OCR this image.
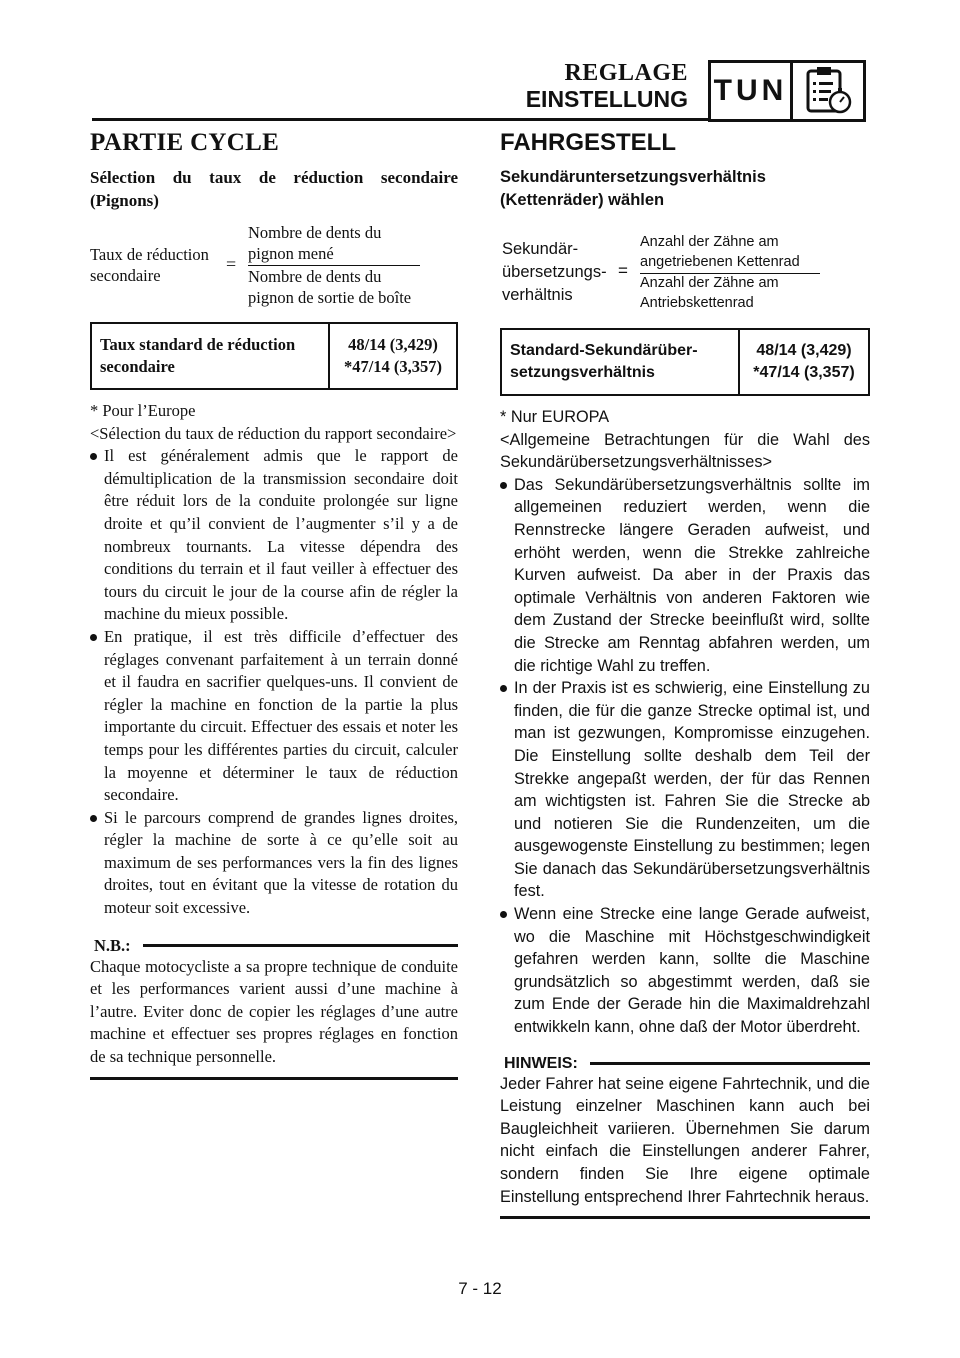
REGLAGE
EINSTELLUNG TUN
PARTIE CYCLE
Sélection du taux de réduction secondaire (Pignons)
Taux de réduction
secondaire
=
Nombre de dents du
pignon mené
Nombre de dents du
pignon de sortie de boîte
Taux standard de réduction
secondaire

48/14 (3,429)
*47/14 (3,357)
* Pour l’Europe
<Sélection du taux de réduction du rapport secondaire>
Il est généralement admis que le rapport de démultiplication de la transmission secondaire doit être réduit lors de la conduite prolongée sur ligne droite et qu’il convient de l’augmenter s’il y a de nombreux tournants. La vitesse dépendra des conditions du terrain et il faut veiller à effectuer des tours du circuit le jour de la course afin de régler la machine du mieux possible.
En pratique, il est très difficile d’effectuer des réglages convenant parfaitement à un terrain donné et il faudra en sacrifier quelques-uns. Il convient de régler la machine en fonction de la partie la plus importante du circuit. Effectuer des essais et noter les temps pour les différentes parties du circuit, calculer la moyenne et déterminer le taux de réduction secondaire.
Si le parcours comprend de grandes lignes droites, régler la machine de sorte à ce qu’elle soit au maximum de ses performances vers la fin des lignes droites, tout en évitant que la vitesse de rotation du moteur soit excessive.
N.B.:
Chaque motocycliste a sa propre technique de conduite et les performances varient aussi d’une machine à l’autre. Eviter donc de copier les réglages d’une autre machine et effectuer ses propres réglages en fonction de sa technique personnelle.
FAHRGESTELL
Sekundäruntersetzungsverhältnis (Kettenräder) wählen
Sekundär-
übersetzungs-
verhältnis
=
Anzahl der Zähne am
angetriebenen Kettenrad
Anzahl der Zähne am
Antriebskettenrad
Standard-Sekundärüber-
setzungsverhältnis

48/14 (3,429)
*47/14 (3,357)
* Nur EUROPA
<Allgemeine Betrachtungen für die Wahl des Sekundärübersetzungsverhältnisses>
Das Sekundärübersetzungsverhältnis sollte im allgemeinen reduziert werden, wenn die Rennstrecke längere Geraden aufweist, und erhöht werden, wenn die Strekke zahlreiche Kurven aufweist. Da aber in der Praxis das optimale Verhältnis von anderen Faktoren wie dem Zustand der Strecke beeinflußt wird, sollte die Strecke am Renntag abfahren werden, um die richtige Wahl zu treffen.
In der Praxis ist es schwierig, eine Einstellung zu finden, die für die ganze Strecke optimal ist, und man ist gezwungen, Kompromisse einzugehen. Die Einstellung sollte deshalb dem Teil der Strekke angepaßt werden, der für das Rennen am wichtigsten ist. Fahren Sie die Strecke ab und notieren Sie die Rundenzeiten, um die ausgewogenste Einstellung zu bestimmen; legen Sie danach das Sekundärübersetzungsverhältnis fest.
Wenn eine Strecke eine lange Gerade aufweist, wo die Maschine mit Höchstgeschwindigkeit gefahren werden kann, sollte die Maschine grundsätzlich so abgestimmt werden, daß sie zum Ende der Gerade hin die Maximaldrehzahl entwikkeln kann, ohne daß der Motor überdreht.
HINWEIS:
Jeder Fahrer hat seine eigene Fahrtechnik, und die Leistung einzelner Maschinen kann auch bei Baugleichheit variieren. Übernehmen Sie darum nicht einfach die Einstellungen anderer Fahrer, sondern finden Sie Ihre eigene optimale Einstellung entsprechend Ihrer Fahrtechnik heraus.
7 - 12
